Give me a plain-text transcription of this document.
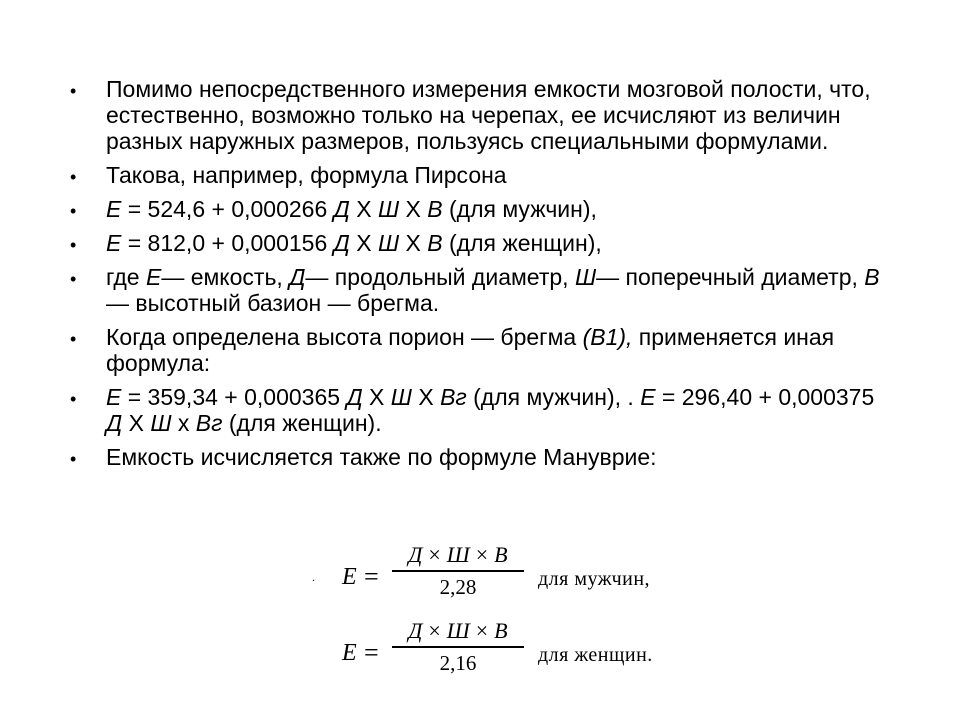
• Помимо непосредственного измерения емкости мозговой полости, что, естественно, возможно только на черепах, ее исчисляют из величин разных наружных размеров, пользуясь специальными формулами.
• Такова, например, формула Пирсона
• Е = 524,6 + 0,000266 Д X Ш X В (для мужчин),
• Е = 812,0 + 0,000156 Д X Ш X В (для женщин),
• где Е— емкость, Д— продольный диаметр, Ш— поперечный диаметр, В— высотный базион — брегма.
• Когда определена высота порион — брегма (В1), применяется иная формула:
• Е = 359,34 + 0,000365 Д X Ш X Вг (для мужчин), . Е = 296,40 + 0,000375 Д X Ш х Вг (для женщин).
• Емкость исчисляется также по формуле Мануврие:
. E =
Д × Ш × В
2,28	для мужчин,
E =
Д × Ш × В
2,16	для женщин.
